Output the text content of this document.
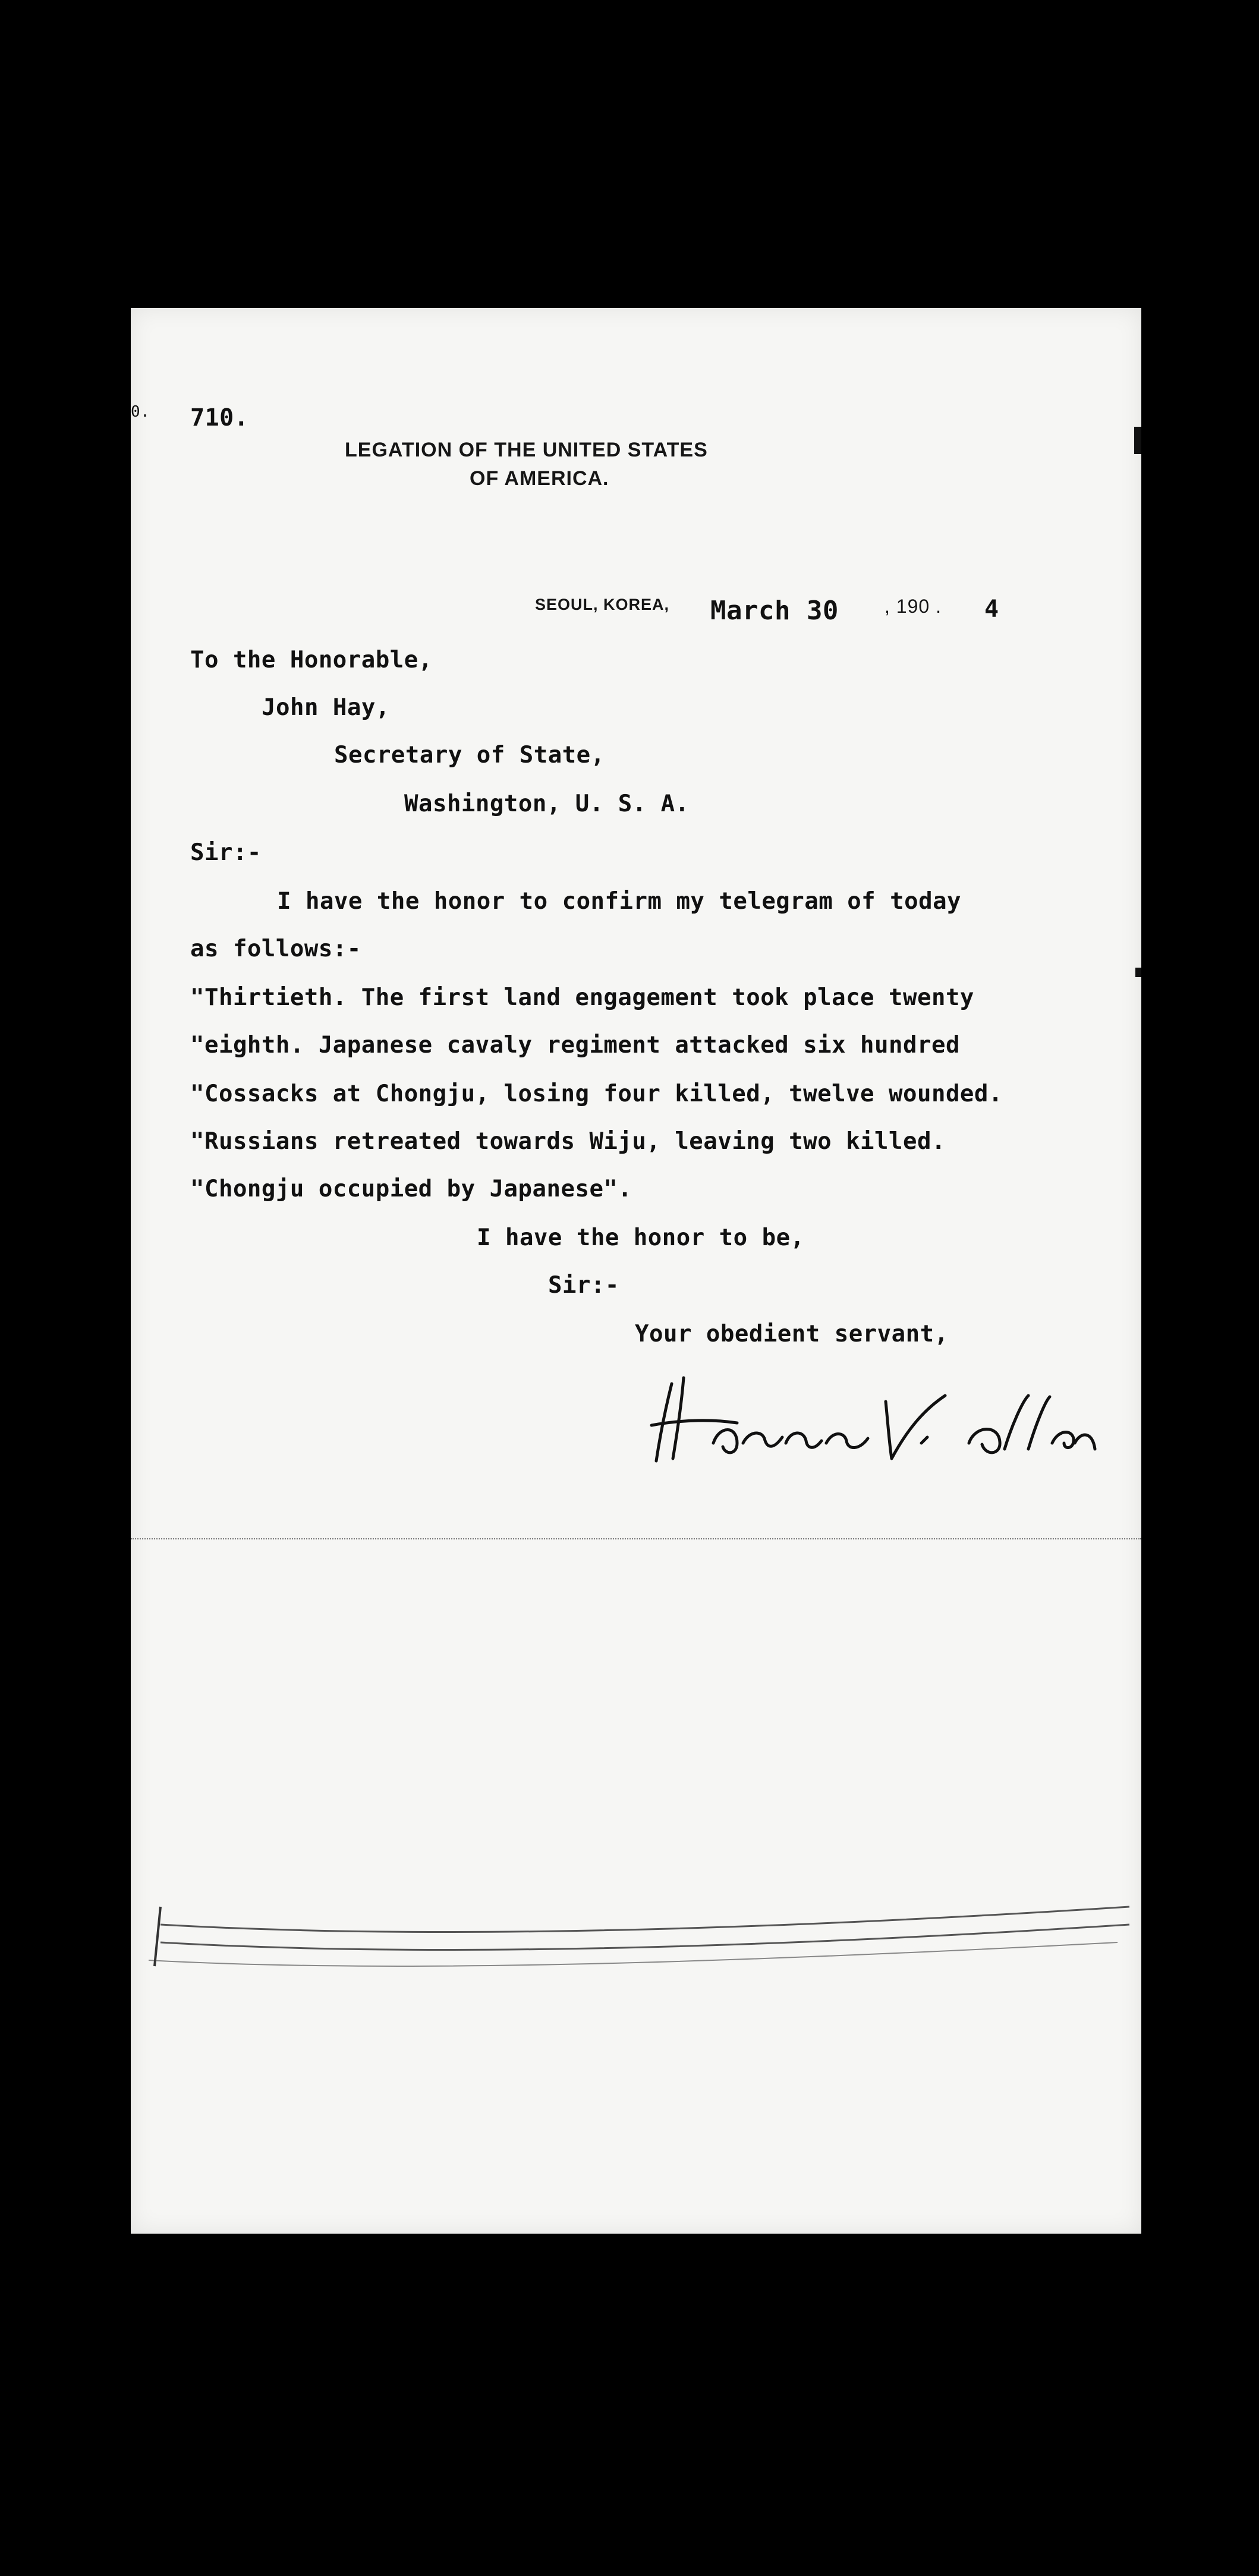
0. 710.
LEGATION OF THE UNITED STATES
OF AMERICA.
SEOUL, KOREA, March 30 , 190 . 4
To the Honorable,
John Hay,
Secretary of State,
Washington, U. S. A.
Sir:-
I have the honor to confirm my telegram of today
as follows:-
"Thirtieth. The first land engagement took place twenty
"eighth. Japanese cavaly regiment attacked six hundred
"Cossacks at Chongju, losing four killed, twelve wounded.
"Russians retreated towards Wiju, leaving two killed.
"Chongju occupied by Japanese".
I have the honor to be,
Sir:-
Your obedient servant,
